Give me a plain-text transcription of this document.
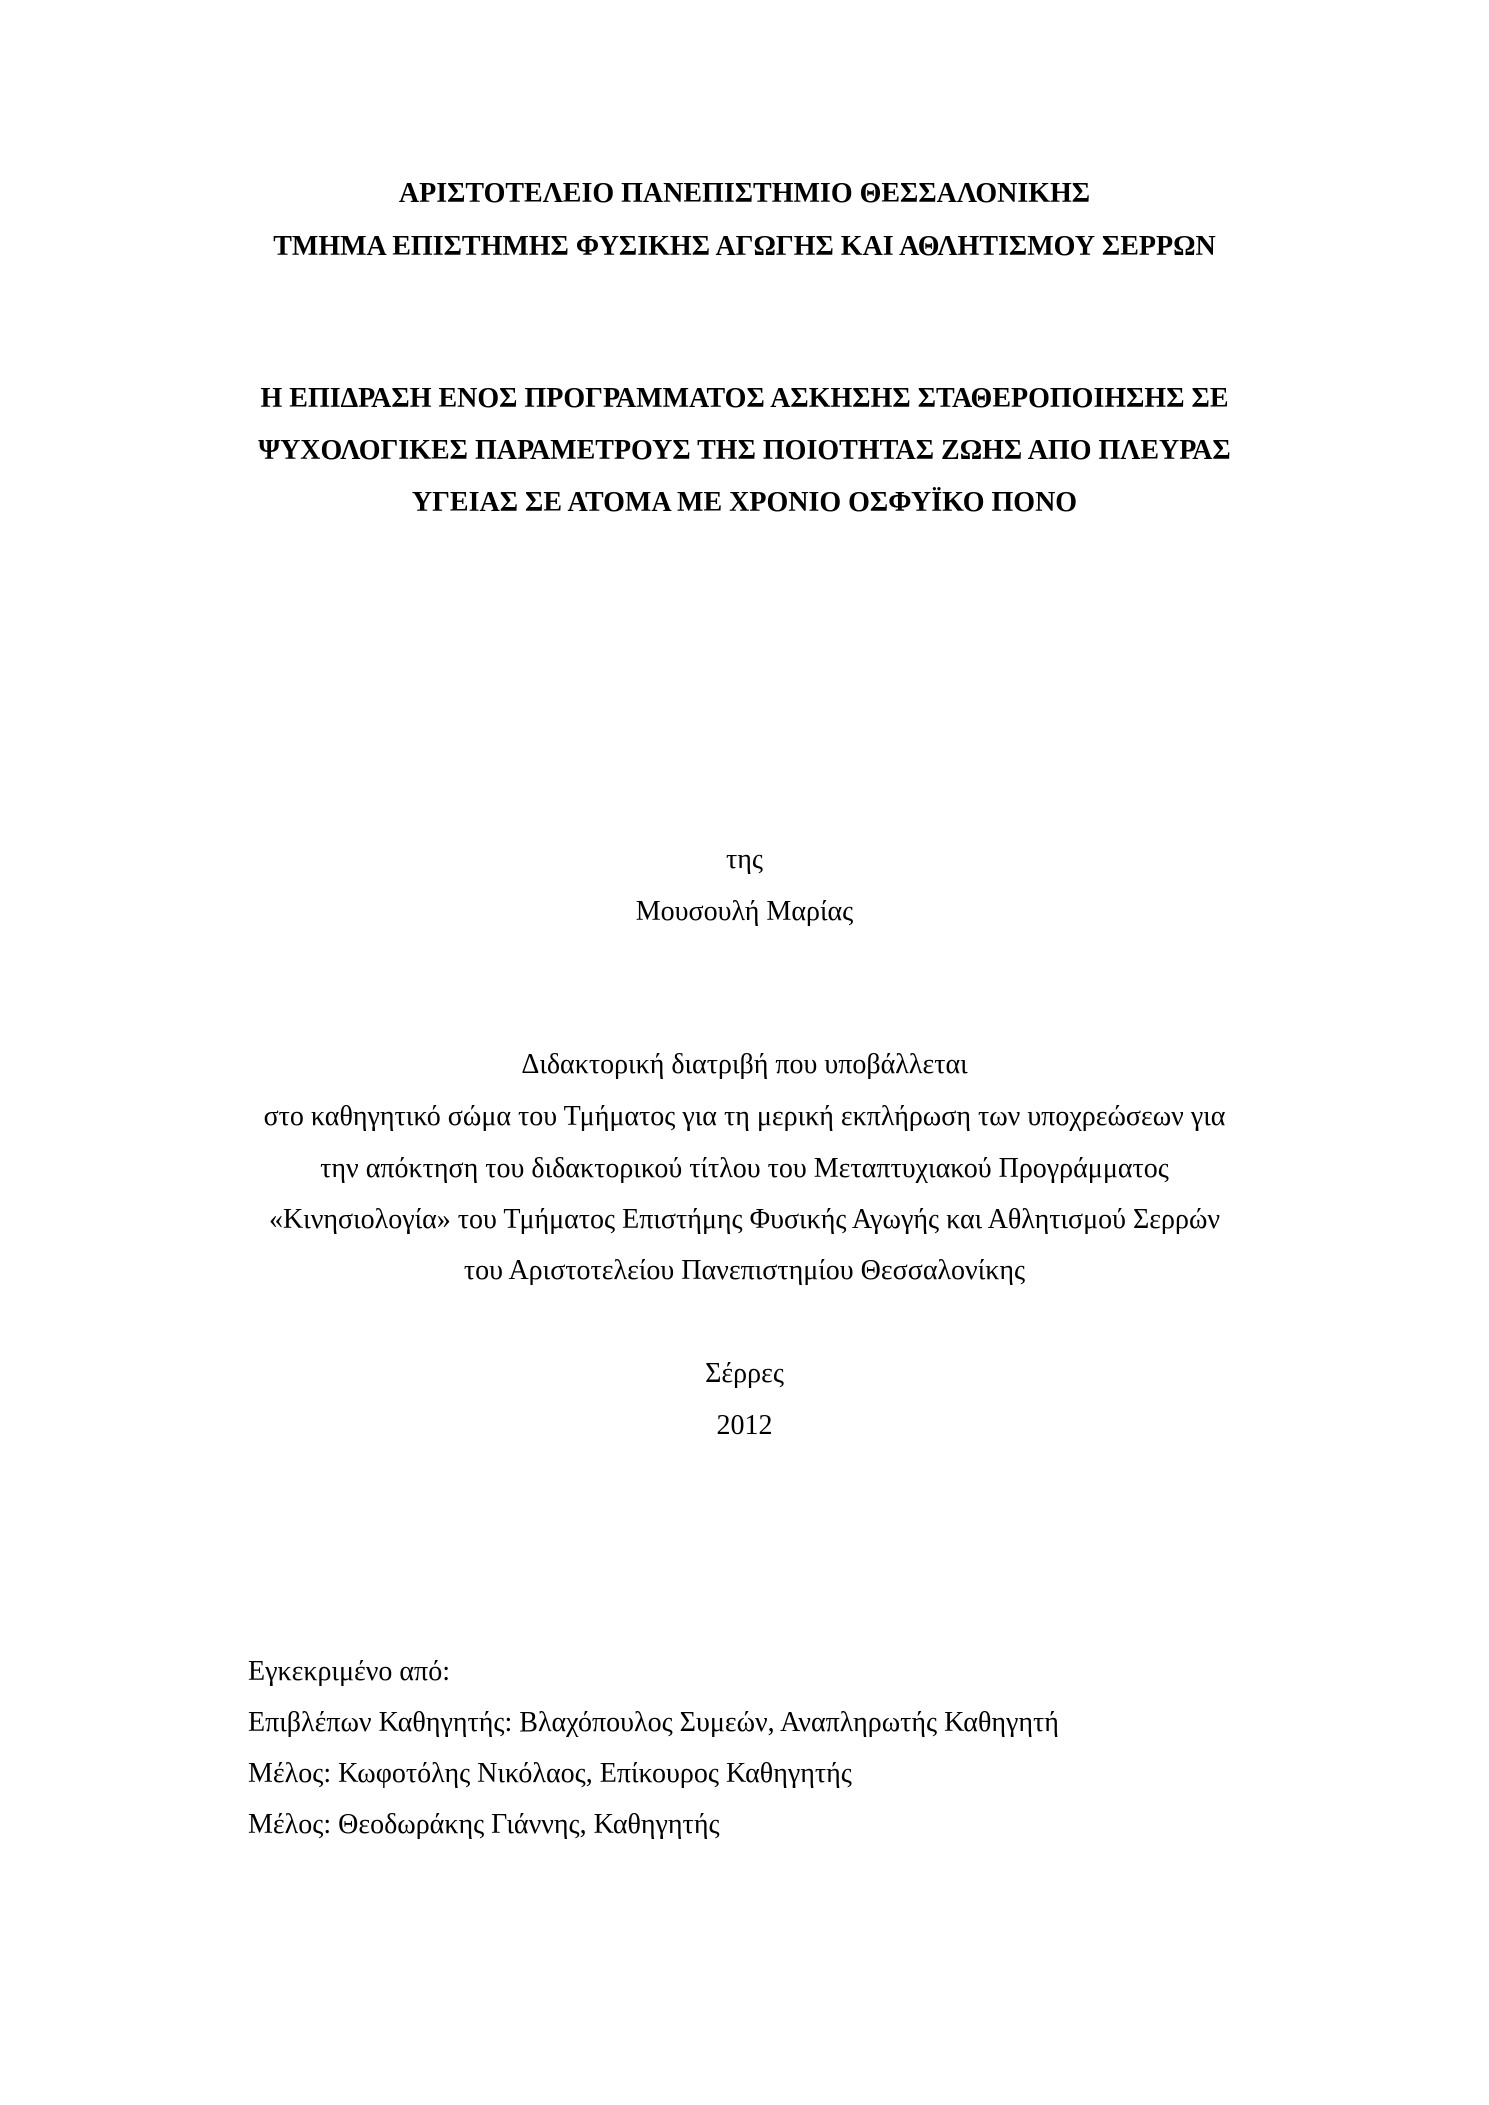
ΑΡΙΣΤΟΤΕΛΕΙΟ ΠΑΝΕΠΙΣΤΗΜΙΟ ΘΕΣΣΑΛΟΝΙΚΗΣ
ΤΜΗΜΑ ΕΠΙΣΤΗΜΗΣ ΦΥΣΙΚΗΣ ΑΓΩΓΗΣ ΚΑΙ ΑΘΛΗΤΙΣΜΟΥ ΣΕΡΡΩΝ
Η ΕΠΙΔΡΑΣΗ ΕΝΟΣ ΠΡΟΓΡΑΜΜΑΤΟΣ ΑΣΚΗΣΗΣ ΣΤΑΘΕΡΟΠΟΙΗΣΗΣ ΣΕ
ΨΥΧΟΛΟΓΙΚΕΣ ΠΑΡΑΜΕΤΡΟΥΣ ΤΗΣ ΠΟΙΟΤΗΤΑΣ ΖΩΗΣ ΑΠΟ ΠΛΕΥΡΑΣ
ΥΓΕΙΑΣ ΣΕ ΑΤΟΜΑ ΜΕ ΧΡΟΝΙΟ ΟΣΦΥΪΚΟ ΠΟΝΟ
της
Μουσουλή Μαρίας
Διδακτορική διατριβή που υποβάλλεται
στο καθηγητικό σώμα του Τμήματος για τη μερική εκπλήρωση των υποχρεώσεων για
την απόκτηση του διδακτορικού τίτλου του Μεταπτυχιακού Προγράμματος
«Κινησιολογία» του Τμήματος Επιστήμης Φυσικής Αγωγής και Αθλητισμού Σερρών
του Αριστοτελείου Πανεπιστημίου Θεσσαλονίκης
Σέρρες
2012
Εγκεκριμένο από:
Επιβλέπων Καθηγητής: Βλαχόπουλος Συμεών, Αναπληρωτής Καθηγητή
Μέλος: Κωφοτόλης Νικόλαος, Επίκουρος Καθηγητής
Μέλος: Θεοδωράκης Γιάννης, Καθηγητής
